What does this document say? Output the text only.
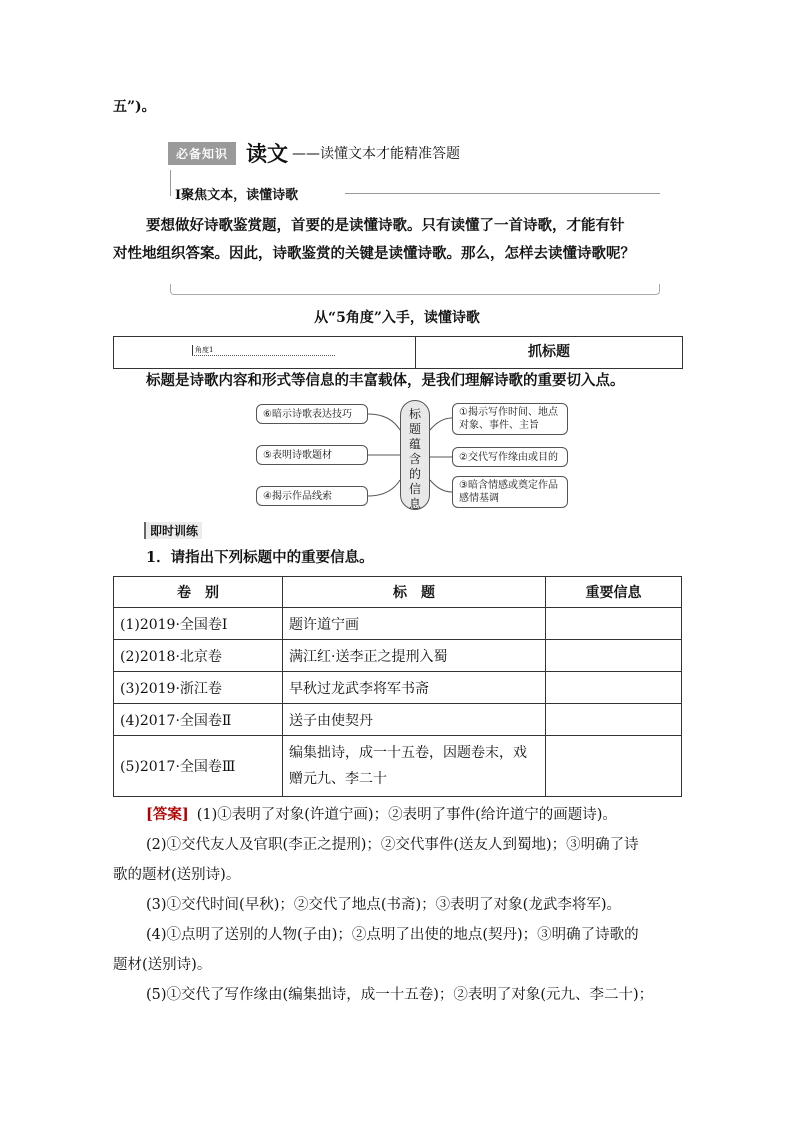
五”)。
必备知识 读文 ——读懂文本才能精准答题
Ⅰ聚焦文本，读懂诗歌
要想做好诗歌鉴赏题，首要的是读懂诗歌。只有读懂了一首诗歌，才能有针
对性地组织答案。因此，诗歌鉴赏的关键是读懂诗歌。那么，怎样去读懂诗歌呢？
从“5角度”入手，读懂诗歌
角度1	抓标题
标题是诗歌内容和形式等信息的丰富载体，是我们理解诗歌的重要切入点。
⑥暗示诗歌表达技巧
⑤表明诗歌题材
④揭示作品线索
标
题
蕴
含
的
信
息
①揭示写作时间、地点对象、事件、主旨
②交代写作缘由或目的
③暗含情感或奠定作品感情基调
即时训练
1．请指出下列标题中的重要信息。
卷　别	标　题	重要信息
(1)2019·全国卷Ⅰ	题许道宁画	
(2)2018·北京卷	满江红·送李正之提刑入蜀	
(3)2019·浙江卷	早秋过龙武李将军书斋	
(4)2017·全国卷Ⅱ	送子由使契丹	
(5)2017·全国卷Ⅲ	编集拙诗，成一十五卷，因题卷末，戏赠元九、李二十	
[答案] (1)①表明了对象(许道宁画)；②表明了事件(给许道宁的画题诗)。
(2)①交代友人及官职(李正之提刑)；②交代事件(送友人到蜀地)；③明确了诗
歌的题材(送别诗)。
(3)①交代时间(早秋)；②交代了地点(书斋)；③表明了对象(龙武李将军)。
(4)①点明了送别的人物(子由)；②点明了出使的地点(契丹)；③明确了诗歌的
题材(送别诗)。
(5)①交代了写作缘由(编集拙诗，成一十五卷)；②表明了对象(元九、李二十)；
